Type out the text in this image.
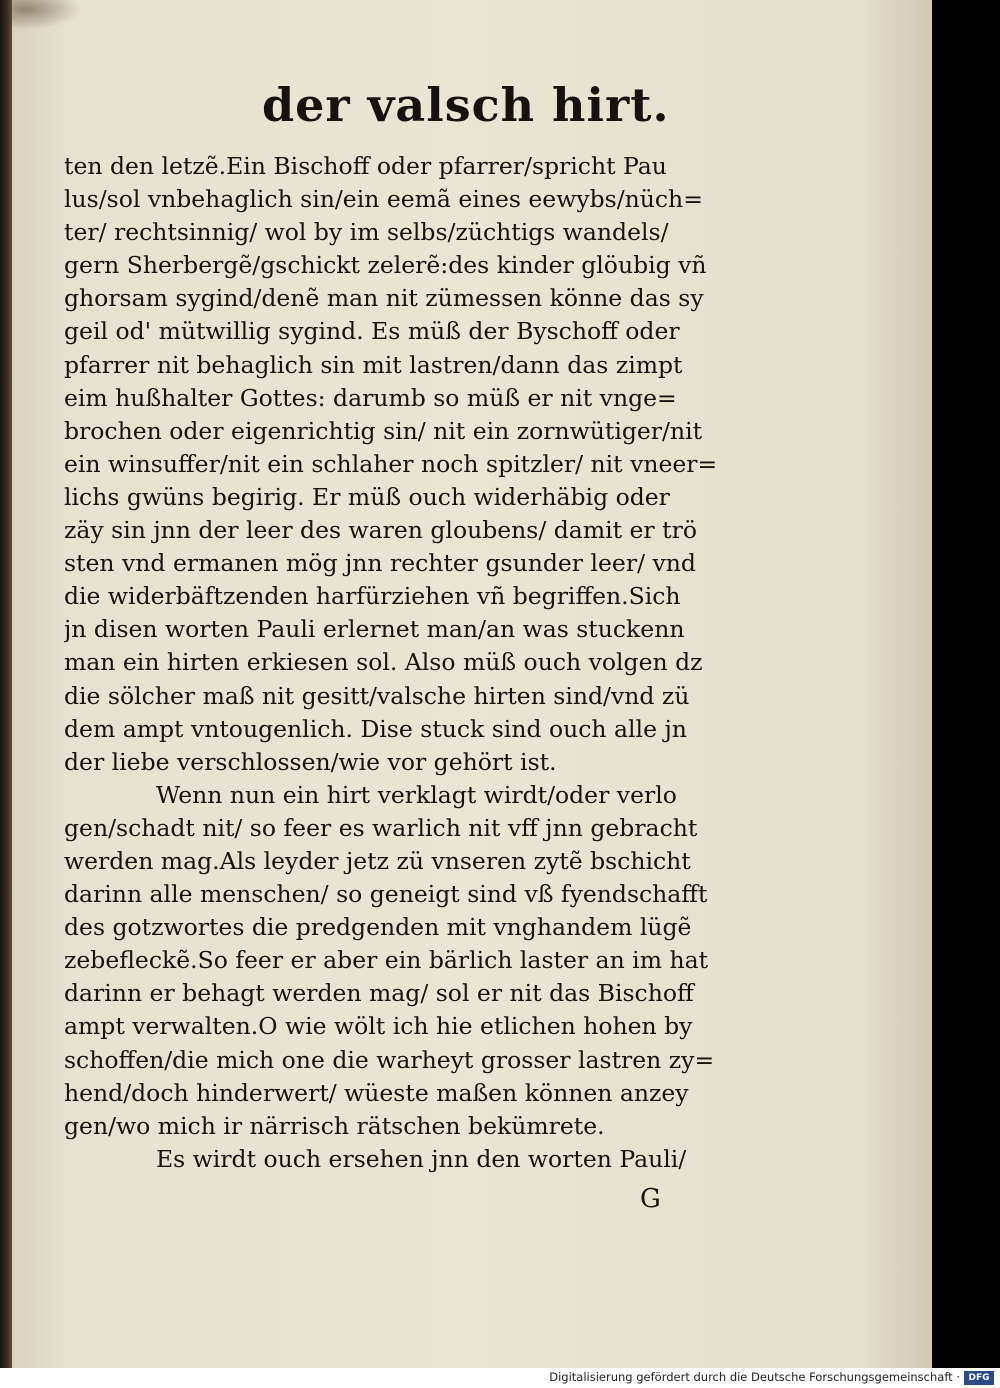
der valsch hirt.
ten den letzẽ.Ein Bischoff oder pfarrer/spricht Pau
lus/sol vnbehaglich sin/ein eemã eines eewybs/nüch=
ter/ rechtsinnig/ wol by im selbs/züchtigs wandels/
gern Sherbergẽ/gschickt zelerẽ:des kinder glöubig vñ
ghorsam sygind/denẽ man nit zümessen könne das sy
geil od' mütwillig sygind. Es müß der Byschoff oder
pfarrer nit behaglich sin mit lastren/dann das zimpt
eim hußhalter Gottes: darumb so müß er nit vnge=
brochen oder eigenrichtig sin/ nit ein zornwütiger/nit
ein winsuffer/nit ein schlaher noch spitzler/ nit vneer=
lichs gwüns begirig. Er müß ouch widerhäbig oder
zäy sin jnn der leer des waren gloubens/ damit er trö
sten vnd ermanen mög jnn rechter gsunder leer/ vnd
die widerbäftzenden harfürziehen vñ begriffen.Sich
jn disen worten Pauli erlernet man/an was stuckenn
man ein hirten erkiesen sol. Also müß ouch volgen dz
die sölcher maß nit gesitt/valsche hirten sind/vnd zü
dem ampt vntougenlich. Dise stuck sind ouch alle jn
der liebe verschlossen/wie vor gehört ist.
Wenn nun ein hirt verklagt wirdt/oder verlo
gen/schadt nit/ so feer es warlich nit vff jnn gebracht
werden mag.Als leyder jetz zü vnseren zytẽ bschicht
darinn alle menschen/ so geneigt sind vß fyendschafft
des gotzwortes die predgenden mit vnghandem lügẽ
zebefleckẽ.So feer er aber ein bärlich laster an im hat
darinn er behagt werden mag/ sol er nit das Bischoff
ampt verwalten.O wie wölt ich hie etlichen hohen by
schoffen/die mich one die warheyt grosser lastren zy=
hend/doch hinderwert/ wüeste maßen können anzey
gen/wo mich ir närrisch rätschen bekümrete.
Es wirdt ouch ersehen jnn den worten Pauli/
G
Digitalisierung gefördert durch die Deutsche Forschungsgemeinschaft · DFG
